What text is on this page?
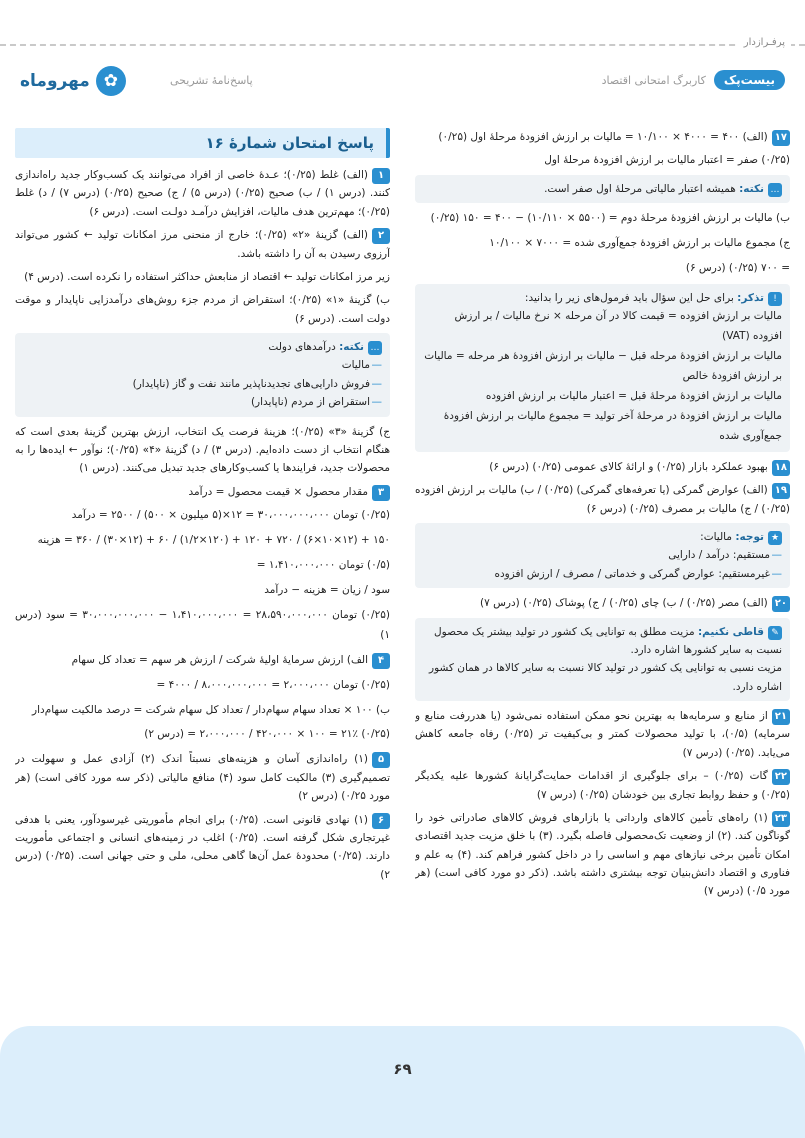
پرفـرازدار
✿
مهروماه	پاسخ‌نامهٔ تشریحی	بیست‌پک
کاربرگ امتحانی اقتصاد
۱۷(الف) ۴۰۰ = ۴۰۰۰ × ۱۰/۱۰۰ = مالیات بر ارزش افزودهٔ مرحلهٔ اول (۰/۲۵)
(۰/۲۵) صفر = اعتبار مالیات بر ارزش افزودهٔ مرحلهٔ اول
…نکته: همیشه اعتبار مالیاتی مرحلهٔ اول صفر است.
ب) مالیات بر ارزش افزودهٔ مرحلهٔ دوم = (۵۵۰۰ × ۱۰/۱۱۰) − ۴۰۰ = ۱۵۰ (۰/۲۵)
ج) مجموع مالیات بر ارزش افزودهٔ جمع‌آوری شده = ۷۰۰۰ × ۱۰/۱۰۰
= ۷۰۰ (۰/۲۵) (درس ۶)
!تذکر: برای حل این سؤال باید فرمول‌های زیر را بدانید:
مالیات بر ارزش افزوده = قیمت کالا در آن مرحله × نرخ مالیات / بر ارزش افزوده (VAT)
مالیات بر ارزش افزودهٔ مرحله قبل − مالیات بر ارزش افزودهٔ هر مرحله = مالیات بر ارزش افزودهٔ خالص
مالیات بر ارزش افزودهٔ مرحلهٔ قبل = اعتبار مالیات بر ارزش افزوده
مالیات بر ارزش افزودهٔ در مرحلهٔ آخر تولید = مجموع مالیات بر ارزش افزودهٔ جمع‌آوری شده
۱۸بهبود عملکرد بازار (۰/۲۵) و ارائهٔ کالای عمومی (۰/۲۵) (درس ۶)
۱۹(الف) عوارض گمرکی (یا تعرفه‌های گمرکی) (۰/۲۵) / ب) مالیات بر ارزش افزوده (۰/۲۵) / ج) مالیات بر مصرف (۰/۲۵) (درس ۶)
★توجه: مالیات:
— مستقیم: درآمد / دارایی
— غیرمستقیم: عوارض گمرکی و خدماتی / مصرف / ارزش افزوده
۲۰(الف) مصر (۰/۲۵) / ب) چای (۰/۲۵) / ج) پوشاک (۰/۲۵) (درس ۷)
✎قاطی نکنیم: مزیت مطلق به توانایی یک کشور در تولید بیشتر یک محصول نسبت به سایر کشورها اشاره دارد.
مزیت نسبی به توانایی یک کشور در تولید کالا نسبت به سایر کالاها در همان کشور اشاره دارد.
۲۱از منابع و سرمایه‌ها به بهترین نحو ممکن استفاده نمی‌شود (یا هدررفت منابع و سرمایه) (۰/۵)، با تولید محصولات کمتر و بی‌کیفیت تر (۰/۲۵) رفاه جامعه کاهش می‌یابد. (۰/۲۵) (درس ۷)
۲۲گات (۰/۲۵) – برای جلوگیری از اقدامات حمایت‌گرایانهٔ کشورها علیه یکدیگر (۰/۲۵) و حفظ روابط تجاری بین خودشان (۰/۲۵) (درس ۷)
۲۳(۱) راه‌های تأمین کالاهای وارداتی یا بازارهای فروش کالاهای صادراتی خود را گوناگون کند. (۲) از وضعیت تک‌محصولی فاصله بگیرد. (۳) با خلق مزیت جدید اقتصادی امکان تأمین برخی نیازهای مهم و اساسی را در داخل کشور فراهم کند. (۴) به علم و فناوری و اقتصاد دانش‌بنیان توجه بیشتری داشته باشد. (ذکر دو مورد کافی است) (هر مورد ۰/۵) (درس ۷)
پاسخ امتحان شمارهٔ ۱۶
۱(الف) غلط (۰/۲۵)؛ عـدهٔ خاصی از افراد می‌توانند یک کسب‌وکار جدید راه‌اندازی کنند. (درس ۱) / ب) صحیح (۰/۲۵) (درس ۵) / ج) صحیح (۰/۲۵) (درس ۷) / د) غلط (۰/۲۵)؛ مهم‌ترین هدف مالیات، افزایش درآمـد دولـت است. (درس ۶)
۲(الف) گزینهٔ «۲» (۰/۲۵)؛ خارج از منحنی مرز امکانات تولید ← کشور می‌تواند آرزوی رسیدن به آن را داشته باشد.
زیر مرز امکانات تولید ← اقتصاد از منابعش حداکثر استفاده را نکرده است. (درس ۴)
ب) گزینهٔ «۱» (۰/۲۵)؛ استقراض از مردم جزء روش‌های درآمدزایی ناپایدار و موقت دولت است. (درس ۶)
…نکته: درآمدهای دولت
— مالیات
— فروش دارایی‌های تجدیدناپذیر مانند نفت و گاز (ناپایدار)
— استقراض از مردم (ناپایدار)
ج) گزینهٔ «۳» (۰/۲۵)؛ هزینهٔ فرصت یک انتخاب، ارزش بهترین گزینهٔ بعدی است که هنگام انتخاب از دست داده‌ایم. (درس ۳) / د) گزینهٔ «۴» (۰/۲۵)؛ نوآور ← ایده‌ها را به محصولات جدید، فرایندها یا کسب‌وکارهای جدید تبدیل می‌کنند. (درس ۱)
۳مقدار محصول × قیمت محصول = درآمد
(۰/۲۵) تومان ۳۰،۰۰۰،۰۰۰،۰۰۰ = ۱۲×(۵ میلیون × ۵۰۰) / ۲۵۰۰ = درآمد
۱۵۰ + (۱۲×۱۰×۶) / ۷۲۰ + ۱۲۰ + (۱۲۰×۱/۲) / ۶۰ + (۱۲×۳۰) / ۳۶۰ = هزینه
(۰/۵) تومان ۱،۴۱۰،۰۰۰،۰۰۰ =
سود / زیان = هزینه − درآمد
(۰/۲۵) تومان ۲۸،۵۹۰،۰۰۰،۰۰۰ = ۱،۴۱۰،۰۰۰،۰۰۰ − ۳۰،۰۰۰،۰۰۰،۰۰۰ = سود (درس ۱)
۴الف) ارزش سرمایهٔ اولیهٔ شرکت / ارزش هر سهم = تعداد کل سهام
(۰/۲۵) تومان ۲،۰۰۰،۰۰۰ = ۸،۰۰۰،۰۰۰،۰۰۰ / ۴۰۰۰ =
ب) ۱۰۰ × تعداد سهام سهام‌دار / تعداد کل سهام شرکت = درصد مالکیت سهام‌دار
(۰/۲۵) ۲۱٪ = ۱۰۰ × ۴۲۰،۰۰۰ / ۲،۰۰۰،۰۰۰ = (درس ۲)
۵(۱) راه‌اندازی آسان و هزینه‌های نسبتاً اندک (۲) آزادی عمل و سهولت در تصمیم‌گیری (۳) مالکیت کامل سود (۴) منافع مالیاتی (ذکر سه مورد کافی است) (هر مورد ۰/۲۵) (درس ۲)
۶(۱) نهادی قانونی است. (۰/۲۵) برای انجام مأموریتی غیرسودآور، یعنی با هدفی غیرتجاری شکل گرفته است. (۰/۲۵) اغلب در زمینه‌های انسانی و اجتماعی مأموریت دارند. (۰/۲۵) محدودهٔ عمل آن‌ها گاهی محلی، ملی و حتی جهانی است. (۰/۲۵) (درس ۲)
۶۹
